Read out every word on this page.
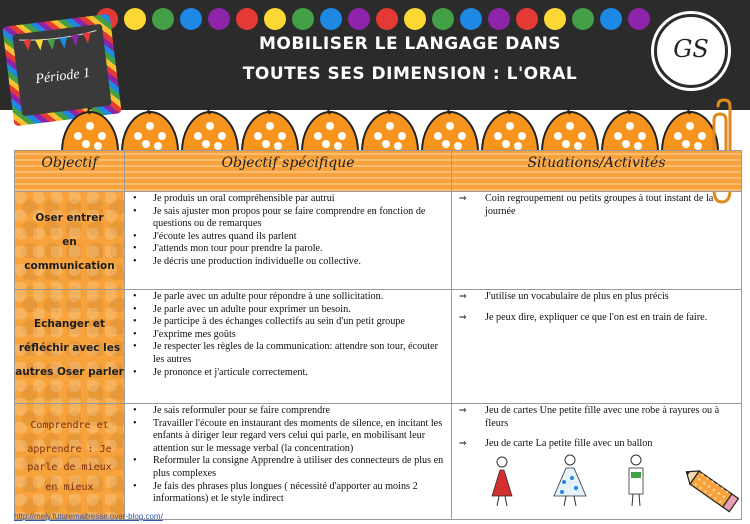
MOBILISER LE LANGAGE DANS
TOUTES SES DIMENSION : L'ORAL
Période 1
GS
Objectif	Objectif spécifique	Situations/Activités
Oser entrer
en
communication
Echanger et
réfléchir avec les
autres Oser parler
Comprendre et
apprendre : Je
parle de mieux
en mieux
• Je produis un oral compréhensible par autrui
• Je sais ajuster mon propos pour se faire comprendre en fonction de questions ou de remarques
• J'écoute les autres quand ils parlent
• J'attends mon tour pour prendre la parole.
• Je décris une production individuelle ou collective.
⇒ Coin regroupement ou petits groupes à tout instant de la journée
• Je parle avec un adulte pour répondre à une sollicitation.
• Je parle avec un adulte pour exprimer un besoin.
• Je participe à des échanges collectifs au sein d'un petit groupe
• J'exprime mes goûts
• Je respecter les règles de la communication: attendre son tour, écouter les autres
• Je prononce et j'articule correctement.
⇒ J'utilise un vocabulaire de plus en plus précis
⇒ Je peux dire, expliquer ce que l'on est en train de faire.
• Je sais reformuler pour se faire comprendre
• Travailler l'écoute en instaurant des moments de silence, en incitant les enfants à diriger leur regard vers celui qui parle, en mobilisant leur attention sur le message verbal (la concentration)
• Reformuler la consigne Apprendre à utiliser des connecteurs de plus en plus complexes
• Je fais des phrases plus longues ( nécessité d'apporter au moins 2 informations) et le style indirect
⇒ Jeu de cartes Une petite fille avec une robe à rayures ou à fleurs
⇒ Jeu de carte La petite fille avec un ballon
http://mely.futuremaitresse.over-blog.com/
